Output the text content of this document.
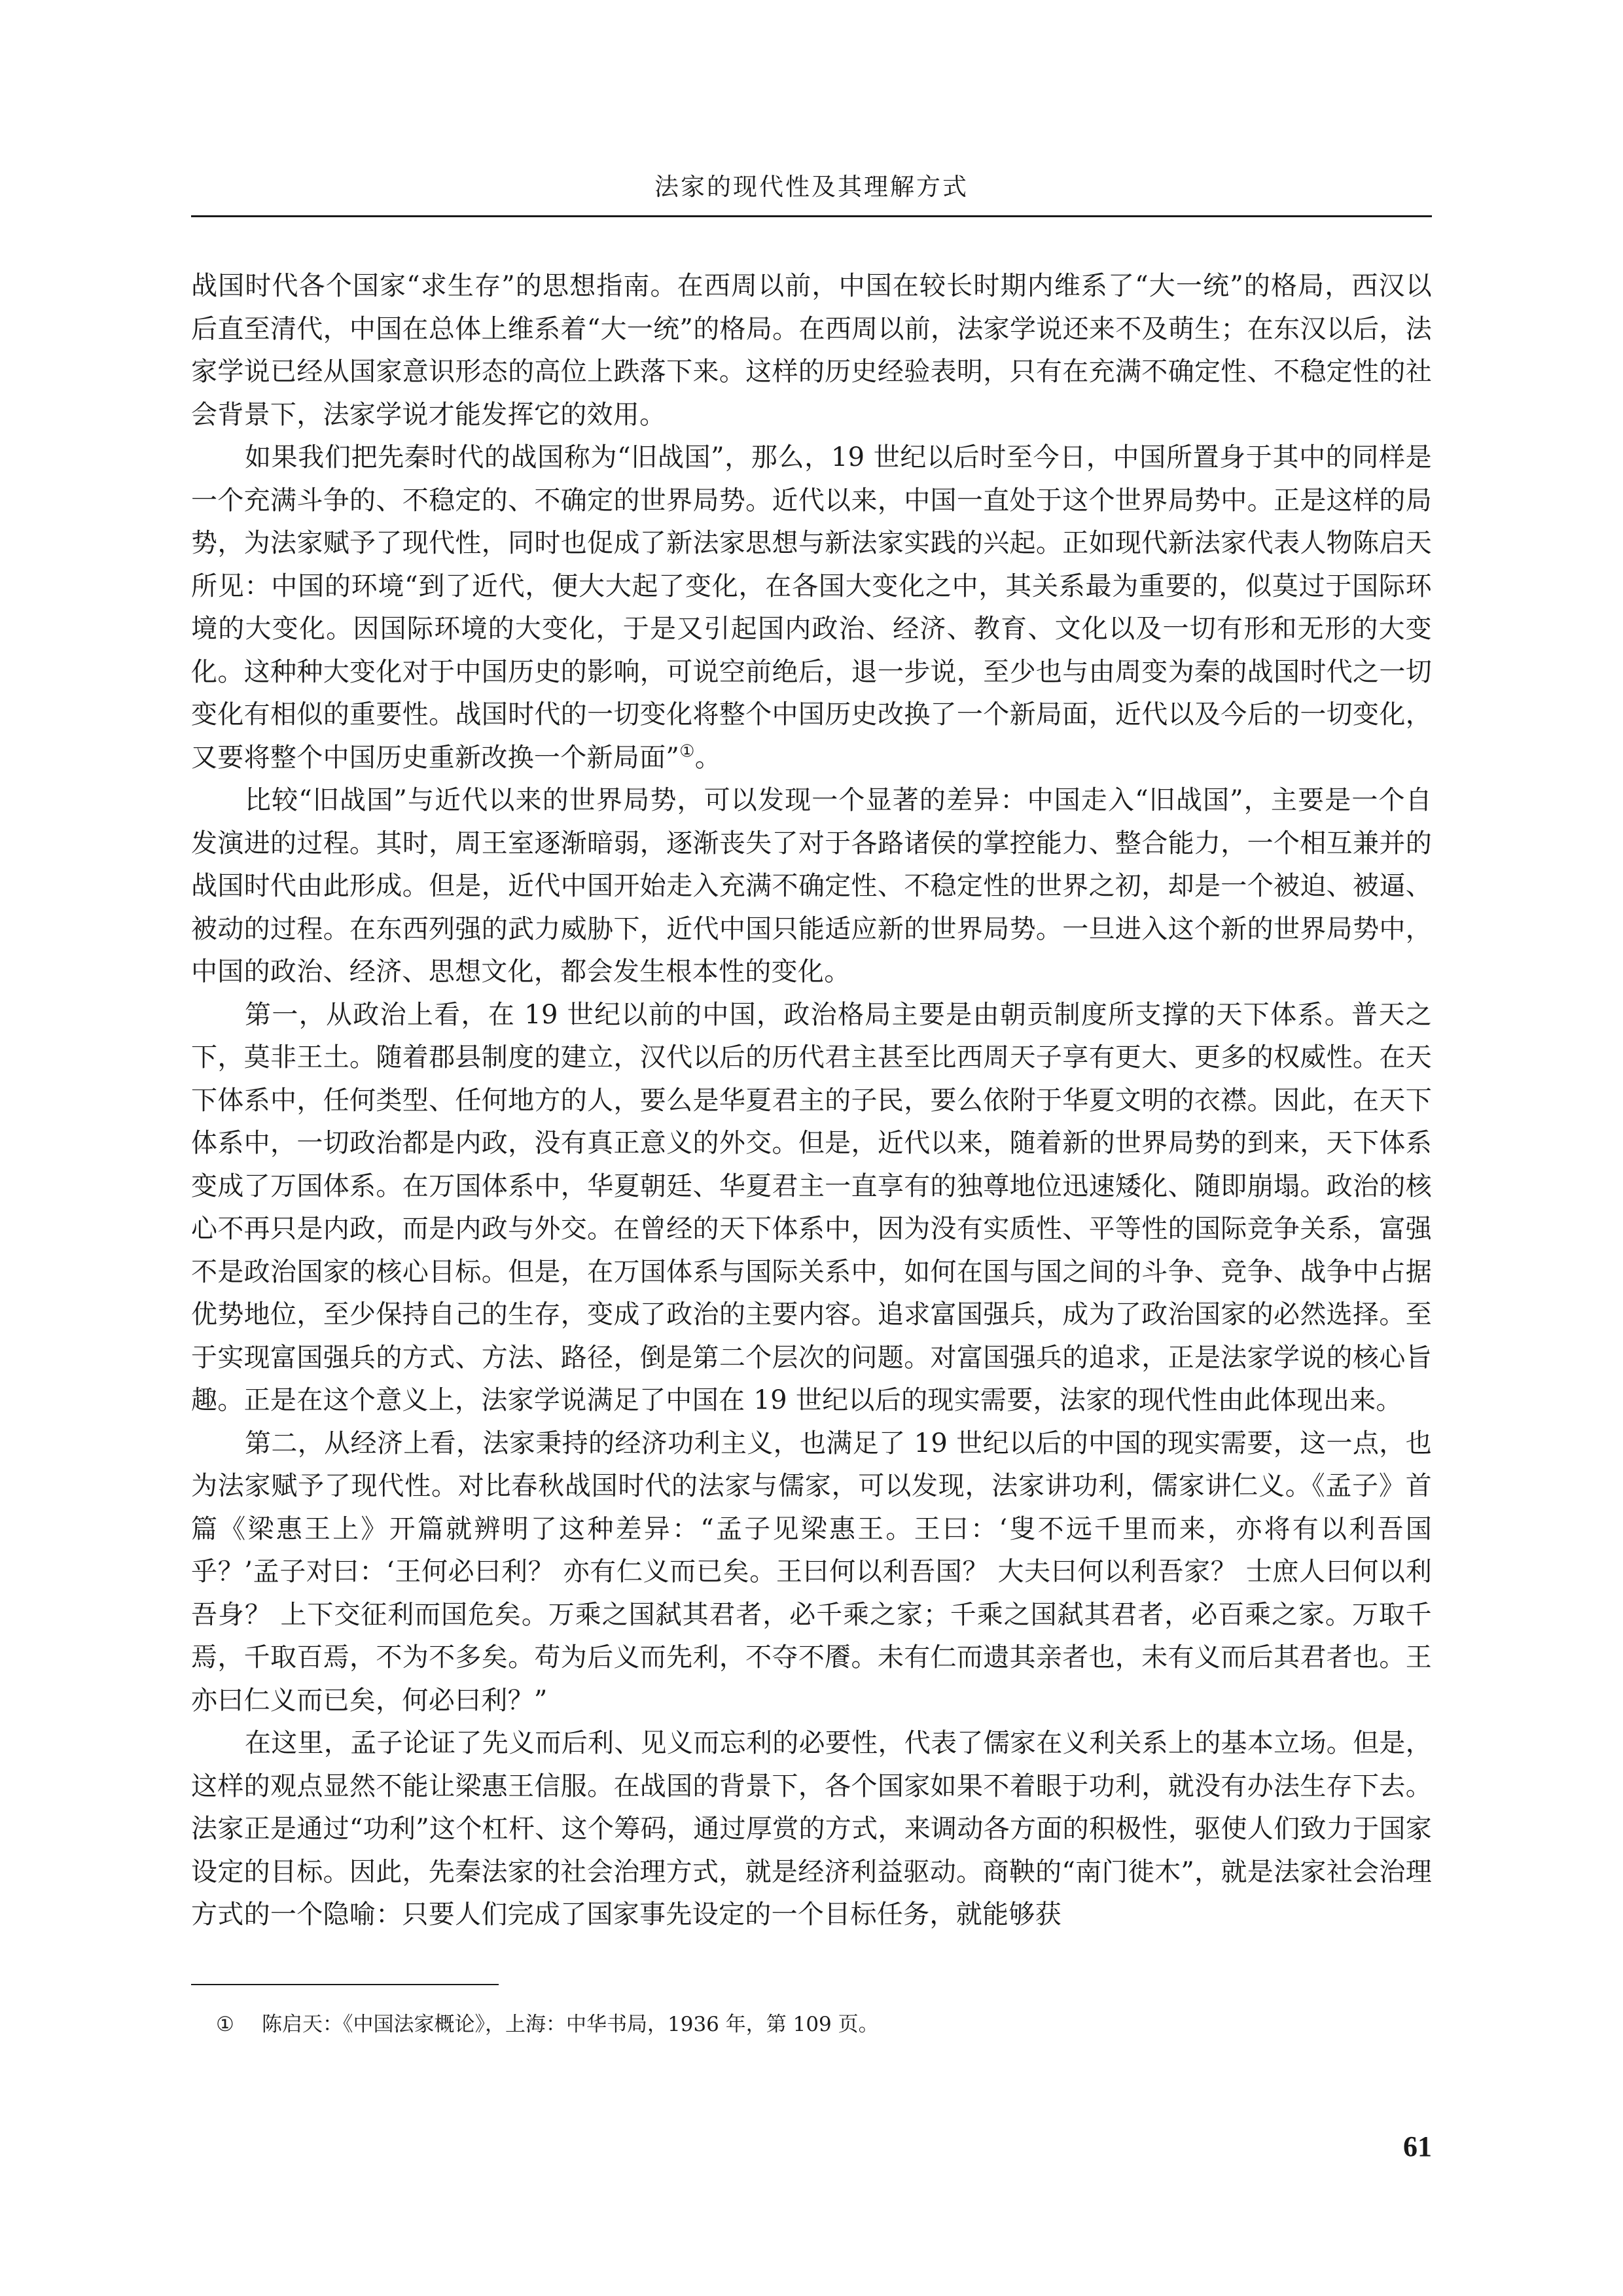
法家的现代性及其理解方式

战国时代各个国家“求生存”的思想指南。在西周以前，中国在较长时期内维系了“大一统”的格局，西汉以后直至清代，中国在总体上维系着“大一统”的格局。在西周以前，法家学说还来不及萌生；在东汉以后，法家学说已经从国家意识形态的高位上跌落下来。这样的历史经验表明，只有在充满不确定性、不稳定性的社会背景下，法家学说才能发挥它的效用。

如果我们把先秦时代的战国称为“旧战国”，那么，19 世纪以后时至今日，中国所置身于其中的同样是一个充满斗争的、不稳定的、不确定的世界局势。近代以来，中国一直处于这个世界局势中。正是这样的局势，为法家赋予了现代性，同时也促成了新法家思想与新法家实践的兴起。正如现代新法家代表人物陈启天所见：中国的环境“到了近代，便大大起了变化，在各国大变化之中，其关系最为重要的，似莫过于国际环境的大变化。因国际环境的大变化，于是又引起国内政治、经济、教育、文化以及一切有形和无形的大变化。这种种大变化对于中国历史的影响，可说空前绝后，退一步说，至少也与由周变为秦的战国时代之一切变化有相似的重要性。战国时代的一切变化将整个中国历史改换了一个新局面，近代以及今后的一切变化，又要将整个中国历史重新改换一个新局面”①。

比较“旧战国”与近代以来的世界局势，可以发现一个显著的差异：中国走入“旧战国”，主要是一个自发演进的过程。其时，周王室逐渐暗弱，逐渐丧失了对于各路诸侯的掌控能力、整合能力，一个相互兼并的战国时代由此形成。但是，近代中国开始走入充满不确定性、不稳定性的世界之初，却是一个被迫、被逼、被动的过程。在东西列强的武力威胁下，近代中国只能适应新的世界局势。一旦进入这个新的世界局势中，中国的政治、经济、思想文化，都会发生根本性的变化。

第一，从政治上看，在 19 世纪以前的中国，政治格局主要是由朝贡制度所支撑的天下体系。普天之下，莫非王土。随着郡县制度的建立，汉代以后的历代君主甚至比西周天子享有更大、更多的权威性。在天下体系中，任何类型、任何地方的人，要么是华夏君主的子民，要么依附于华夏文明的衣襟。因此，在天下体系中，一切政治都是内政，没有真正意义的外交。但是，近代以来，随着新的世界局势的到来，天下体系变成了万国体系。在万国体系中，华夏朝廷、华夏君主一直享有的独尊地位迅速矮化、随即崩塌。政治的核心不再只是内政，而是内政与外交。在曾经的天下体系中，因为没有实质性、平等性的国际竞争关系，富强不是政治国家的核心目标。但是，在万国体系与国际关系中，如何在国与国之间的斗争、竞争、战争中占据优势地位，至少保持自己的生存，变成了政治的主要内容。追求富国强兵，成为了政治国家的必然选择。至于实现富国强兵的方式、方法、路径，倒是第二个层次的问题。对富国强兵的追求，正是法家学说的核心旨趣。正是在这个意义上，法家学说满足了中国在 19 世纪以后的现实需要，法家的现代性由此体现出来。

第二，从经济上看，法家秉持的经济功利主义，也满足了 19 世纪以后的中国的现实需要，这一点，也为法家赋予了现代性。对比春秋战国时代的法家与儒家，可以发现，法家讲功利，儒家讲仁义。《孟子》首篇《梁惠王上》开篇就辨明了这种差异：“孟子见梁惠王。王曰：‘叟不远千里而来，亦将有以利吾国乎？’孟子对曰：‘王何必曰利？ 亦有仁义而已矣。王曰何以利吾国？ 大夫曰何以利吾家？ 士庶人曰何以利吾身？ 上下交征利而国危矣。万乘之国弑其君者，必千乘之家；千乘之国弑其君者，必百乘之家。万取千焉，千取百焉，不为不多矣。苟为后义而先利，不夺不餍。未有仁而遗其亲者也，未有义而后其君者也。王亦曰仁义而已矣，何必曰利？”

在这里，孟子论证了先义而后利、见义而忘利的必要性，代表了儒家在义利关系上的基本立场。但是，这样的观点显然不能让梁惠王信服。在战国的背景下，各个国家如果不着眼于功利，就没有办法生存下去。法家正是通过“功利”这个杠杆、这个筹码，通过厚赏的方式，来调动各方面的积极性，驱使人们致力于国家设定的目标。因此，先秦法家的社会治理方式，就是经济利益驱动。商鞅的“南门徙木”，就是法家社会治理方式的一个隐喻：只要人们完成了国家事先设定的一个目标任务，就能够获

① 陈启天：《中国法家概论》，上海：中华书局，1936 年，第 109 页。
61
